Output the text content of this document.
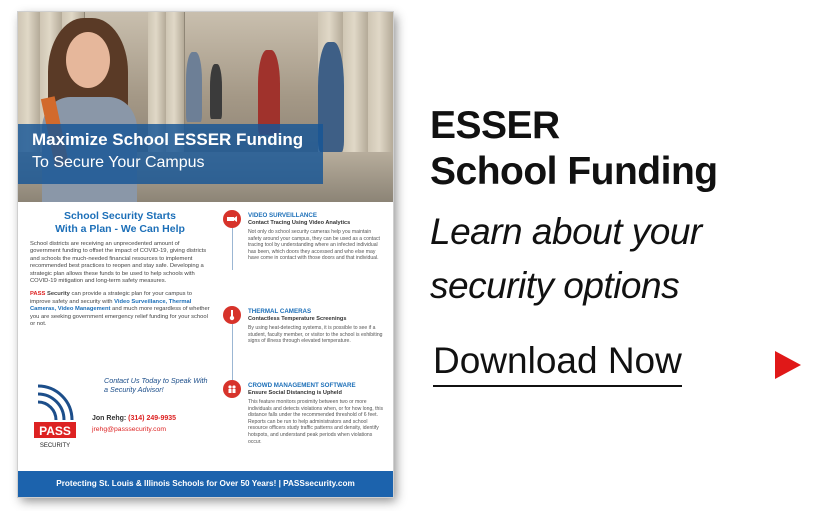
Maximize School ESSER Funding
To Secure Your Campus
School Security Starts
With a Plan - We Can Help

School districts are receiving an unprecedented amount of government funding to offset the impact of COVID-19, giving districts and schools the much-needed financial resources to implement recommended best practices to reopen and stay safe. Developing a strategic plan allows these funds to be used to help schools with COVID-19 mitigation and long-term safety measures.

PASS Security can provide a strategic plan for your campus to improve safety and security with Video Surveillance, Thermal Cameras, Video Management and much more regardless of whether you are seeking government emergency relief funding for your school or not.

PASS
SECURITY
Contact Us Today to Speak With a Security Advisor!
Jon Rehg: (314) 249-9935
jrehg@passsecurity.com
VIDEO SURVEILLANCE
Contact Tracing Using Video Analytics
Not only do school security cameras help you maintain safety around your campus, they can be used as a contact tracing tool by understanding where an infected individual has been, which doors they accessed and who else may have come in contact with those doors and that individual.
THERMAL CAMERAS
Contactless Temperature Screenings
By using heat-detecting systems, it is possible to see if a student, faculty member, or visitor to the school is exhibiting signs of illness through elevated temperature.
CROWD MANAGEMENT SOFTWARE
Ensure Social Distancing is Upheld
This feature monitors proximity between two or more individuals and detects violations when, or for how long, this distance falls under the recommended threshold of 6 feet. Reports can be run to help administrators and school resource officers study traffic patterns and density, identify hotspots, and understand peak periods when violations occur.
Protecting St. Louis & Illinois Schools for Over 50 Years! | PASSsecurity.com
ESSER
School Funding
Learn about your
security options
Download Now
